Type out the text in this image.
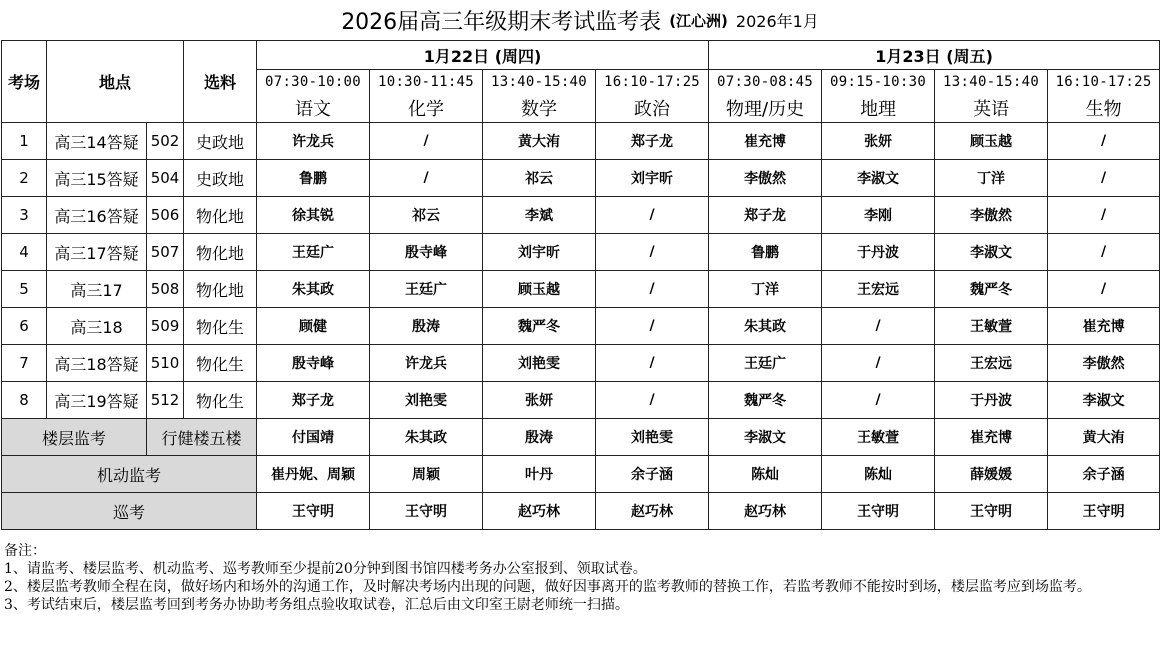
2026届高三年级期末考试监考表 (江心洲) 2026年1月
考场	地点		选料	1月22日 (周四)				1月23日 (周五)			
				07:30-10:00	10:30-11:45	13:40-15:40	16:10-17:25	07:30-08:45	09:15-10:30	13:40-15:40	16:10-17:25
				语文	化学	数学	政治	物理/历史	地理	英语	生物
1	高三14答疑	502	史政地	许龙兵	/	黄大洧	郑子龙	崔充博	张妍	顾玉越	/
2	高三15答疑	504	史政地	鲁鹏	/	祁云	刘宇昕	李傲然	李淑文	丁洋	/
3	高三16答疑	506	物化地	徐其锐	祁云	李斌	/	郑子龙	李刚	李傲然	/
4	高三17答疑	507	物化地	王廷广	殷寺峰	刘宇昕	/	鲁鹏	于丹波	李淑文	/
5	高三17	508	物化地	朱其政	王廷广	顾玉越	/	丁洋	王宏远	魏严冬	/
6	高三18	509	物化生	顾健	殷涛	魏严冬	/	朱其政	/	王敏萱	崔充博
7	高三18答疑	510	物化生	殷寺峰	许龙兵	刘艳雯	/	王廷广	/	王宏远	李傲然
8	高三19答疑	512	物化生	郑子龙	刘艳雯	张妍	/	魏严冬	/	于丹波	李淑文
楼层监考		行健楼五楼		付国靖	朱其政	殷涛	刘艳雯	李淑文	王敏萱	崔充博	黄大洧
机动监考				崔丹妮、周颖	周颖	叶丹	余子涵	陈灿	陈灿	薛媛媛	余子涵
巡考				王守明	王守明	赵巧林	赵巧林	赵巧林	王守明	王守明	王守明
备注：
1、请监考、楼层监考、机动监考、巡考教师至少提前20分钟到图书馆四楼考务办公室报到、领取试卷。
2、楼层监考教师全程在岗，做好场内和场外的沟通工作，及时解决考场内出现的问题，做好因事离开的监考教师的替换工作，若监考教师不能按时到场，楼层监考应到场监考。
3、考试结束后，楼层监考回到考务办协助考务组点验收取试卷，汇总后由文印室王尉老师统一扫描。
